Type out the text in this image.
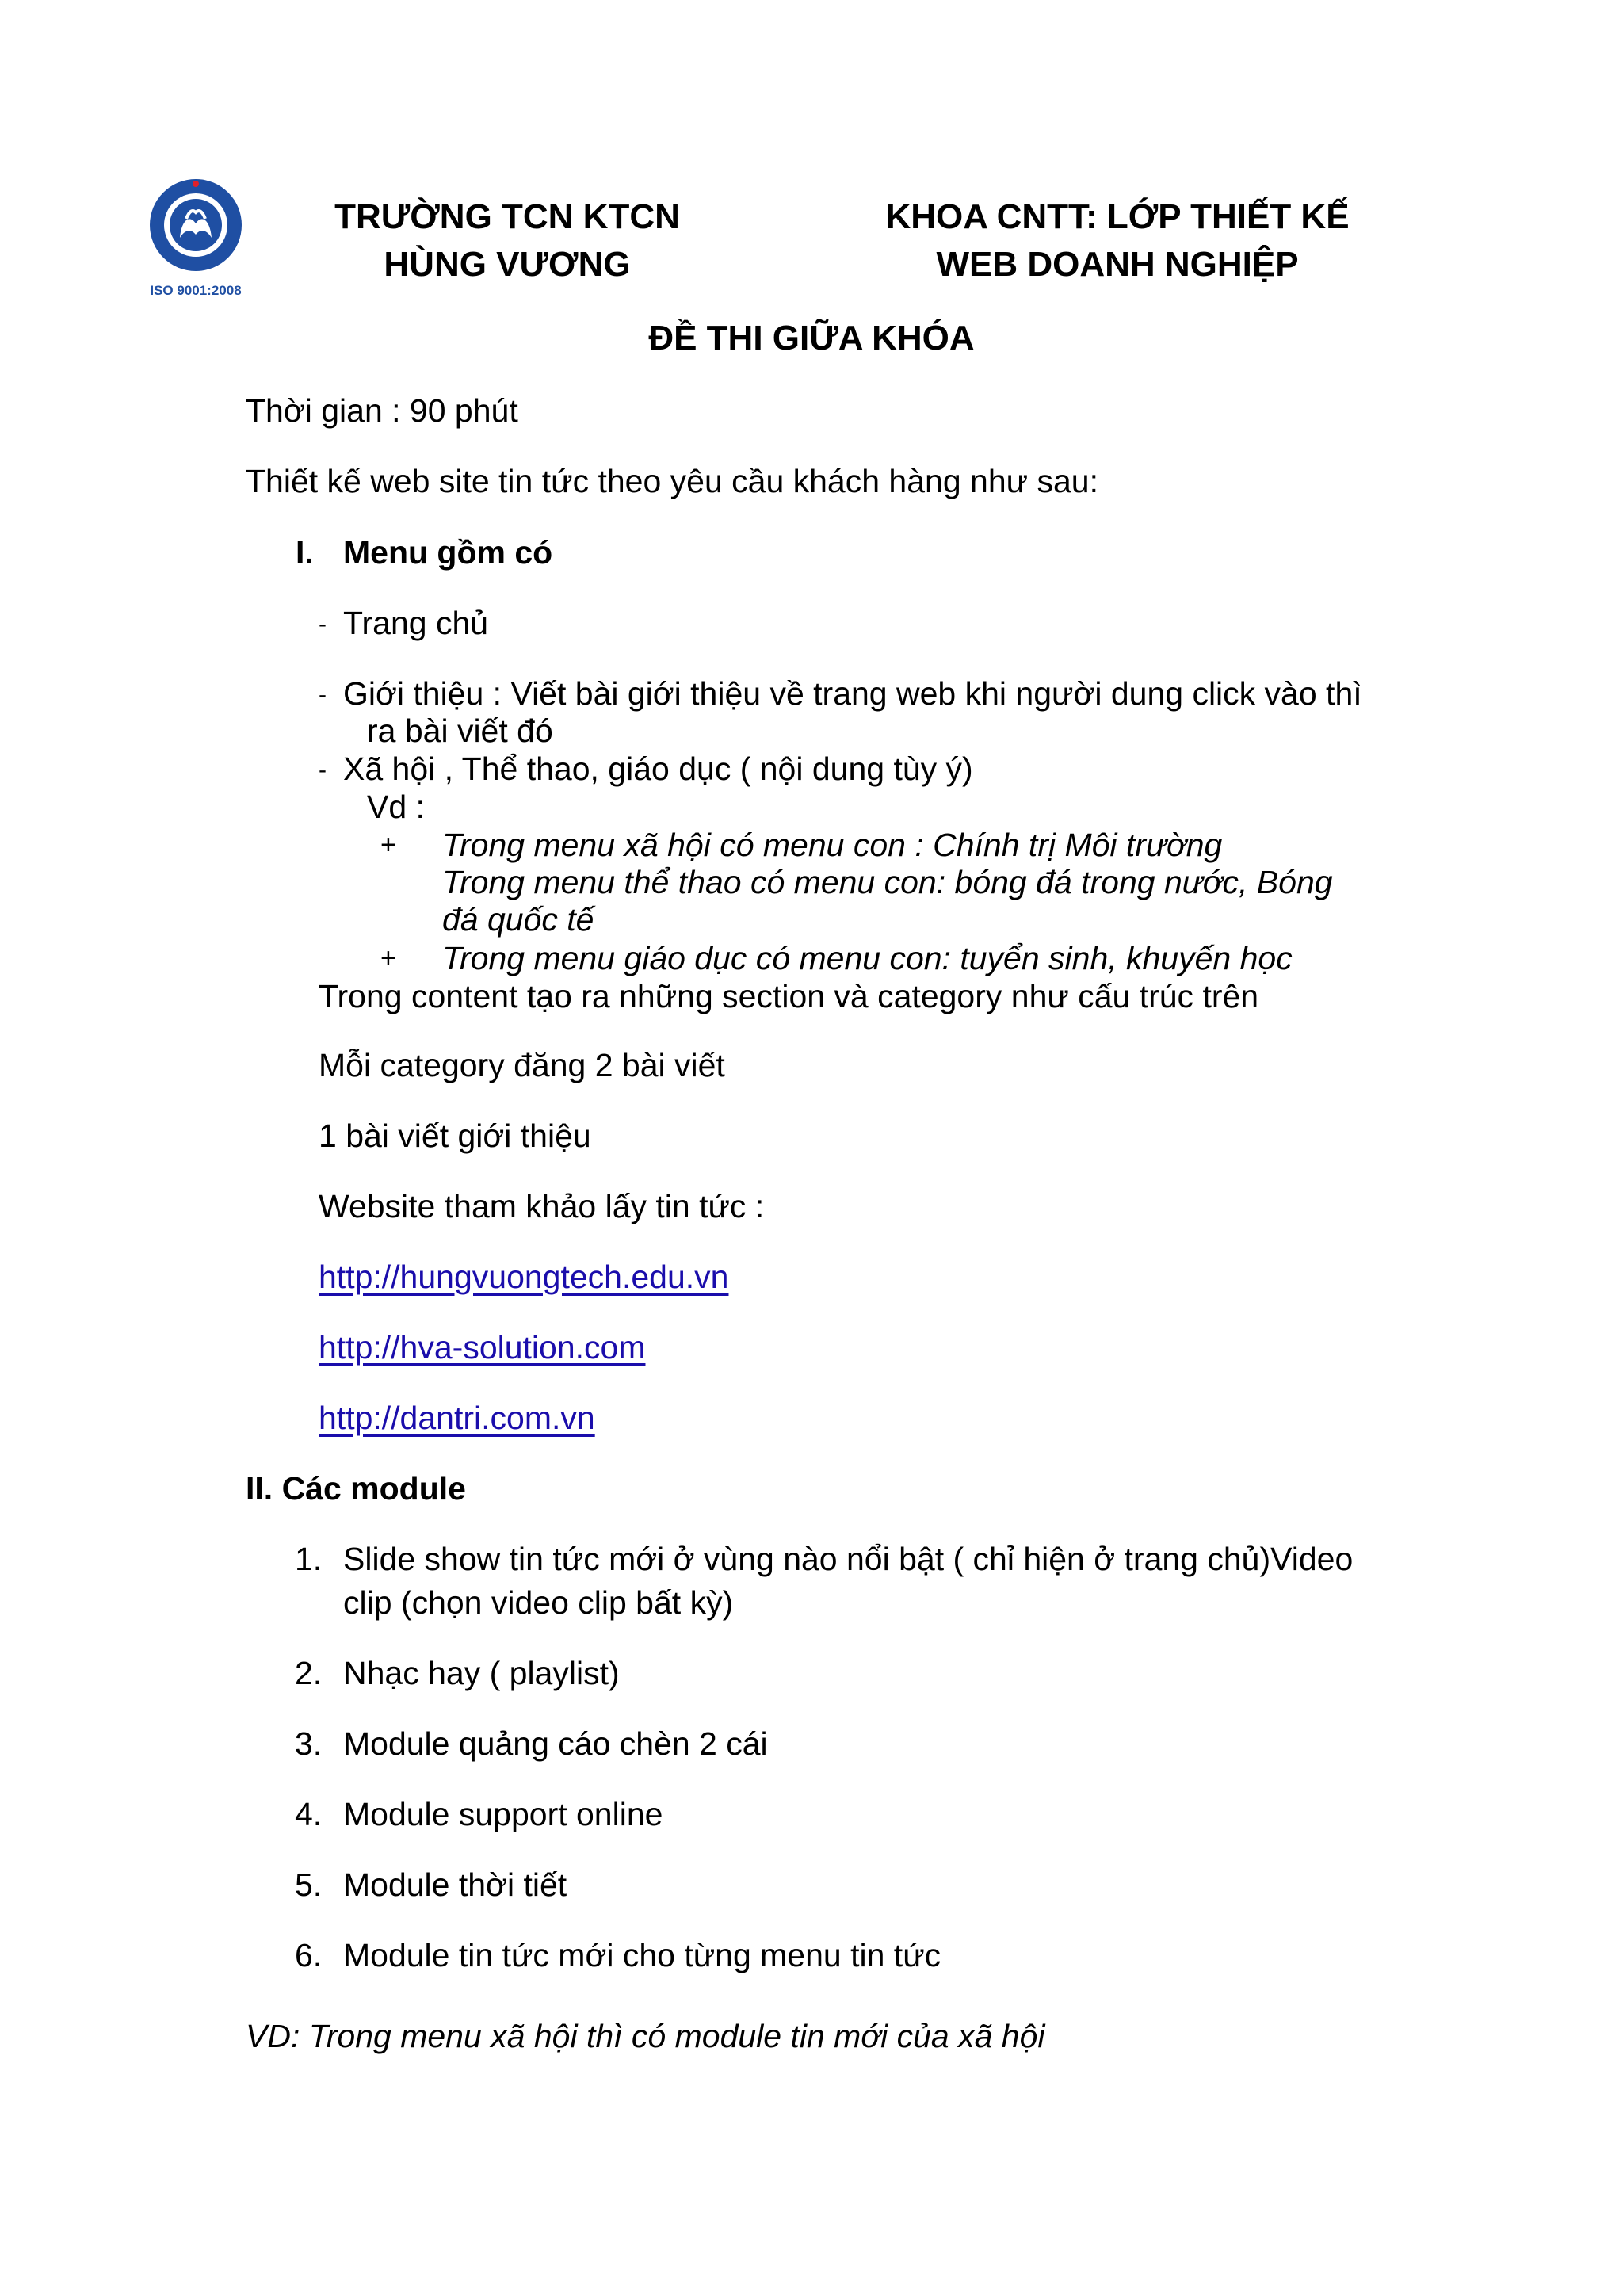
ISO 9001:2008
TRƯỜNG TCN KTCN
HÙNG VƯƠNG
KHOA CNTT: LỚP THIẾT KẾ
WEB DOANH NGHIỆP
ĐỀ THI GIỮA KHÓA
Thời gian : 90 phút
Thiết kế web site tin tức theo yêu cầu khách hàng như sau:
I. Menu gồm có
- Trang chủ
- Giới thiệu : Viết bài giới thiệu về trang web khi người dung click vào thì
ra bài viết đó
- Xã hội , Thể thao, giáo dục ( nội dung tùy ý)
Vd :
+ Trong menu xã hội có menu con : Chính trị Môi trường
Trong menu thể thao có menu con: bóng đá trong nước, Bóng
đá quốc tế
+ Trong menu giáo dục có menu con: tuyển sinh, khuyến học
Trong content tạo ra những section và category như cấu trúc trên
Mỗi category đăng 2 bài viết
1 bài viết giới thiệu
Website tham khảo lấy tin tức :
http://hungvuongtech.edu.vn
http://hva-solution.com
http://dantri.com.vn
II. Các module
1. Slide show tin tức mới ở vùng nào nổi bật ( chỉ hiện ở trang chủ)Video
clip (chọn video clip bất kỳ)
2. Nhạc hay ( playlist)
3. Module quảng cáo chèn 2 cái
4. Module support online
5. Module thời tiết
6. Module tin tức mới cho từng menu tin tức
VD: Trong menu xã hội thì có module tin mới của xã hội
